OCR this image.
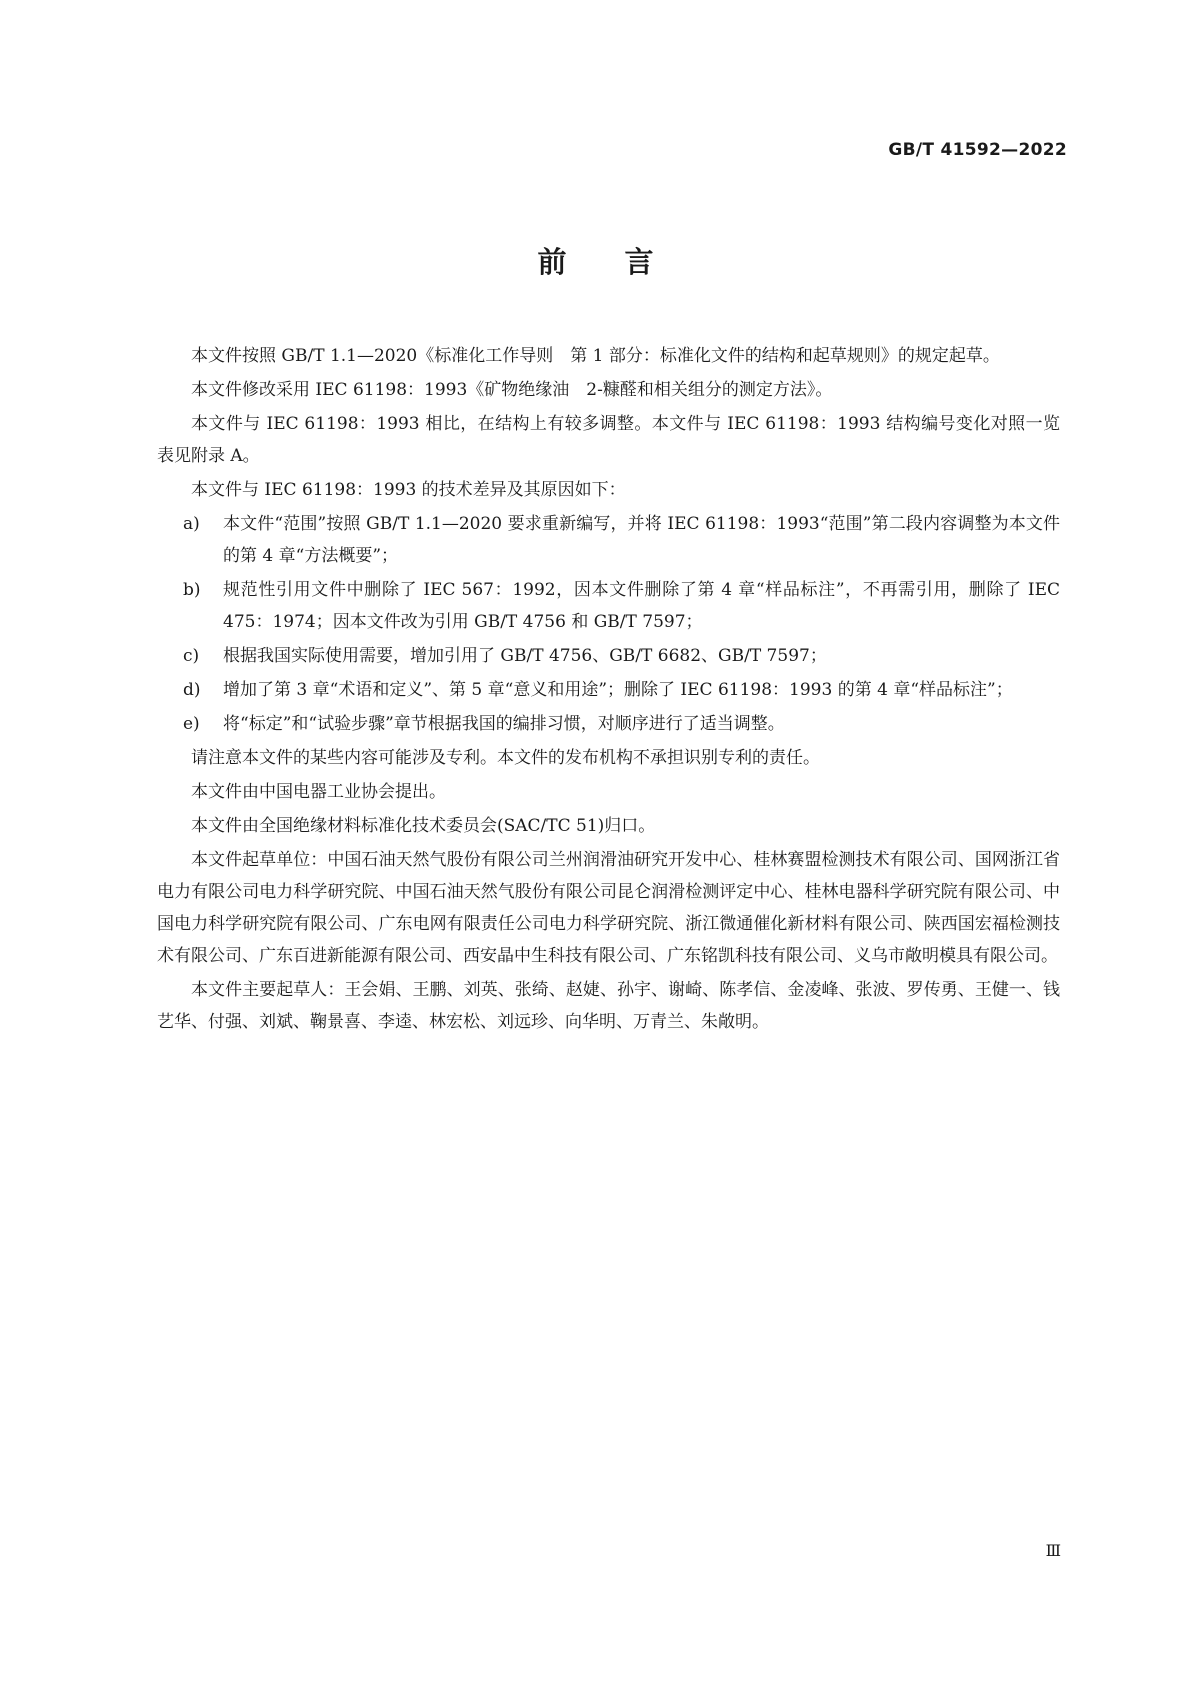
GB/T 41592—2022
前 言

本文件按照 GB/T 1.1—2020《标准化工作导则　第 1 部分：标准化文件的结构和起草规则》的规定起草。

本文件修改采用 IEC 61198：1993《矿物绝缘油　2-糠醛和相关组分的测定方法》。

本文件与 IEC 61198：1993 相比，在结构上有较多调整。本文件与 IEC 61198：1993 结构编号变化对照一览表见附录 A。

本文件与 IEC 61198：1993 的技术差异及其原因如下：

a)	本文件“范围”按照 GB/T 1.1—2020 要求重新编写，并将 IEC 61198：1993“范围”第二段内容调整为本文件的第 4 章“方法概要”；
b)	规范性引用文件中删除了 IEC 567：1992，因本文件删除了第 4 章“样品标注”，不再需引用，删除了 IEC 475：1974；因本文件改为引用 GB/T 4756 和 GB/T 7597；
c)	根据我国实际使用需要，增加引用了 GB/T 4756、GB/T 6682、GB/T 7597；
d)	增加了第 3 章“术语和定义”、第 5 章“意义和用途”；删除了 IEC 61198：1993 的第 4 章“样品标注”；
e)	将“标定”和“试验步骤”章节根据我国的编排习惯，对顺序进行了适当调整。

请注意本文件的某些内容可能涉及专利。本文件的发布机构不承担识别专利的责任。

本文件由中国电器工业协会提出。

本文件由全国绝缘材料标准化技术委员会(SAC/TC 51)归口。

本文件起草单位：中国石油天然气股份有限公司兰州润滑油研究开发中心、桂林赛盟检测技术有限公司、国网浙江省电力有限公司电力科学研究院、中国石油天然气股份有限公司昆仑润滑检测评定中心、桂林电器科学研究院有限公司、中国电力科学研究院有限公司、广东电网有限责任公司电力科学研究院、浙江微通催化新材料有限公司、陕西国宏福检测技术有限公司、广东百进新能源有限公司、西安晶中生科技有限公司、广东铭凯科技有限公司、义乌市敞明模具有限公司。

本文件主要起草人：王会娟、王鹏、刘英、张绮、赵婕、孙宇、谢崎、陈孝信、金凌峰、张波、罗传勇、王健一、钱艺华、付强、刘斌、鞠景喜、李逵、林宏松、刘远珍、向华明、万青兰、朱敞明。

Ⅲ
